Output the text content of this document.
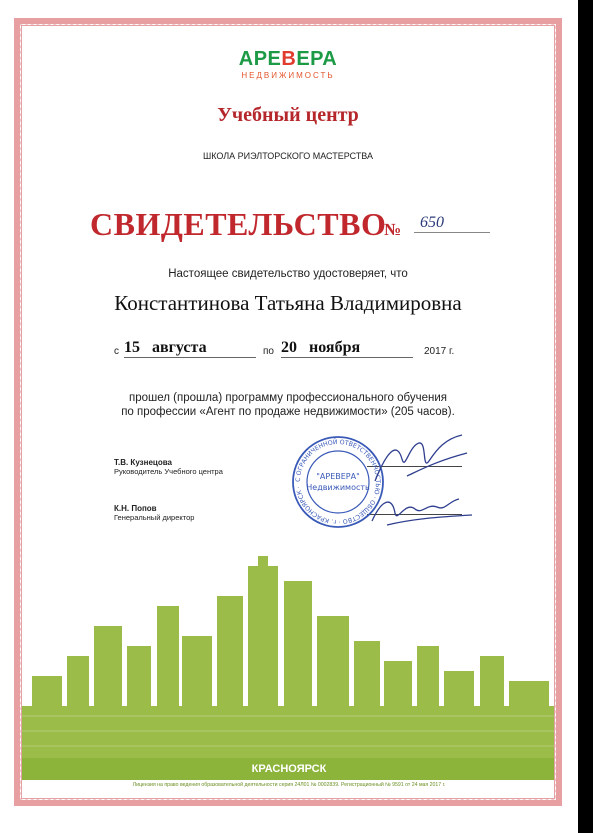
АРЕВЕРА
НЕДВИЖИМОСТЬ
Учебный центр
ШКОЛА РИЭЛТОРСКОГО МАСТЕРСТВА
СВИДЕТЕЛЬСТВО
№	650
Настоящее свидетельство удостоверяет, что
Константинова Татьяна Владимировна
с 15 августа	по 20 ноября	2017 г.
прошел (прошла) программу профессионального обучения
по профессии «Агент по продаже недвижимости» (205 часов).
Т.В. Кузнецова
Руководитель Учебного центра
К.Н. Попов
Генеральный директор
С ОГРАНИЧЕННОЙ ОТВЕТСТВЕННОСТЬЮ · ОБЩЕСТВО · г. КРАСНОЯРСК ·
"АРЕВЕРА"
Недвижимость
КРАСНОЯРСК
Лицензия на право ведения образовательной деятельности серия 24Л01 № 0002839. Регистрационный № 9591 от 24 мая 2017 г.
